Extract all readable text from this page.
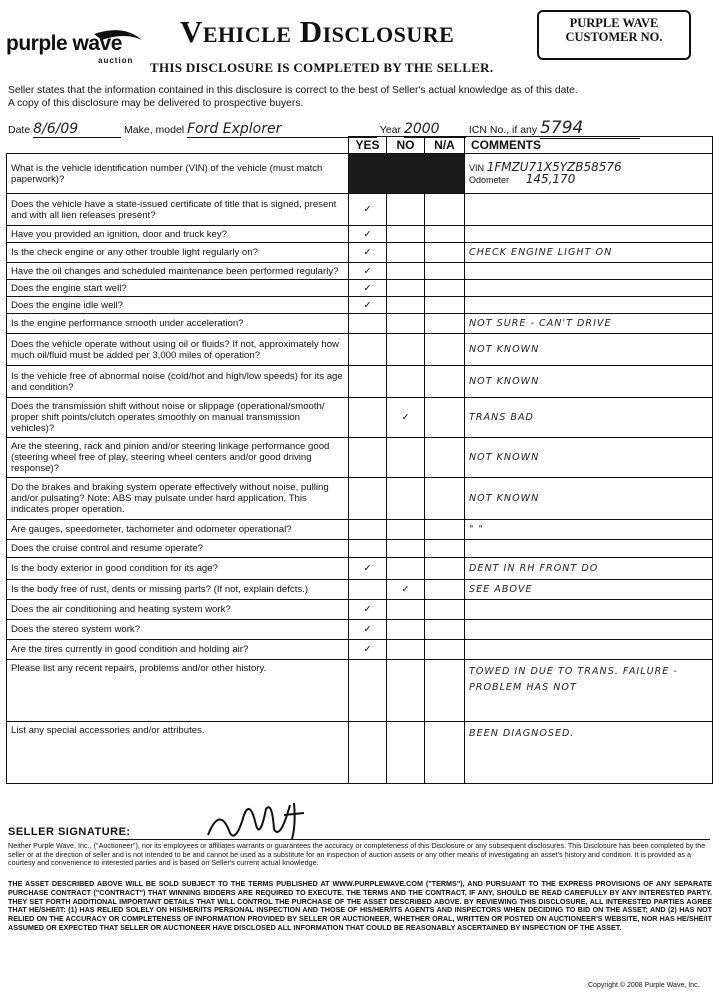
purple wave
auction
Vehicle Disclosure
THIS DISCLOSURE IS COMPLETED BY THE SELLER.
PURPLE WAVE CUSTOMER NO.
Seller states that the information contained in this disclosure is correct to the best of Seller's actual knowledge as of this date.
A copy of this disclosure may be delivered to prospective buyers.
Date 8/6/09	Make, model Ford Explorer	Year 2000	ICN No., if any 5794
	YES	NO	N/A	COMMENTS
What is the vehicle identification number (VIN) of the vehicle (must match paperwork)?				VIN 1FMZU71X5YZB58576
Odometer 145,170

Does the vehicle have a state-issued certificate of title that is signed, present and with all lien releases present?	✓			
Have you provided an ignition, door and truck key?	✓			
Is the check engine or any other trouble light regularly on?	✓			CHECK ENGINE LIGHT ON
Have the oil changes and scheduled maintenance been performed regularly?	✓			
Does the engine start well?	✓			
Does the engine idle well?	✓			
Is the engine performance smooth under acceleration?				NOT SURE - CAN'T DRIVE
Does the vehicle operate without using oil or fluids? If not, approximately how much oil/fluid must be added per 3,000 miles of operation?				NOT KNOWN
Is the vehicle free of abnormal noise (cold/hot and high/low speeds) for its age and condition?				NOT KNOWN
Does the transmission shift without noise or slippage (operational/smooth/ proper shift points/clutch operates smoothly on manual transmission vehicles)?		✓		TRANS BAD
Are the steering, rack and pinion and/or steering linkage performance good (steering wheel free of play, steering wheel centers and/or good driving response)?				NOT KNOWN
Do the brakes and braking system operate effectively without noise, pulling and/or pulsating? Note: ABS may pulsate under hard application. This indicates proper operation.				NOT KNOWN
Are gauges, speedometer, tachometer and odometer operational?				" "
Does the cruise control and resume operate?				
Is the body exterior in good condition for its age?	✓			DENT IN RH FRONT DO
Is the body free of rust, dents or missing parts? (If not, explain defcts.)		✓		SEE ABOVE
Does the air conditioning and heating system work?	✓			
Does the stereo system work?	✓			
Are the tires currently in good condition and holding air?	✓			
Please list any recent repairs, problems and/or other history.				TOWED IN DUE TO TRANS. FAILURE - PROBLEM HAS NOT
List any special accessories and/or attributes.				BEEN DIAGNOSED.
SELLER SIGNATURE:
Neither Purple Wave, Inc., ("Auctioneer"), nor its employees or affiliates warrants or guarantees the accuracy or completeness of this Disclosure or any subsequent disclosures. This Disclosure has been completed by the seller or at the direction of seller and is not intended to be and cannot be used as a substitute for an inspection of auction assets or any other means of investigating an asset's history and condition. It is provided as a courtesy and convenience to interested parties and is based on Seller's current actual knowledge.
THE ASSET DESCRIBED ABOVE WILL BE SOLD SUBJECT TO THE TERMS PUBLISHED AT WWW.PURPLEWAVE.COM ("TERMS"), AND PURSUANT TO THE EXPRESS PROVISIONS OF ANY SEPARATE PURCHASE CONTRACT ("CONTRACT") THAT WINNING BIDDERS ARE REQUIRED TO EXECUTE. THE TERMS AND THE CONTRACT, IF ANY, SHOULD BE READ CAREFULLY BY ANY INTERESTED PARTY. THEY SET FORTH ADDITIONAL IMPORTANT DETAILS THAT WILL CONTROL THE PURCHASE OF THE ASSET DESCRIBED ABOVE. BY REVIEWING THIS DISCLOSURE, ALL INTERESTED PARTIES AGREE THAT HE/SHE/IT: (1) HAS RELIED SOLELY ON HIS/HER/ITS PERSONAL INSPECTION AND THOSE OF HIS/HER/ITS AGENTS AND INSPECTORS WHEN DECIDING TO BID ON THE ASSET; AND (2) HAS NOT RELIED ON THE ACCURACY OR COMPLETENESS OF INFORMATION PROVIDED BY SELLER OR AUCTIONEER, WHETHER ORAL, WRITTEN OR POSTED ON AUCTIONEER'S WEBSITE, NOR HAS HE/SHE/IT ASSUMED OR EXPECTED THAT SELLER OR AUCTIONEER HAVE DISCLOSED ALL INFORMATION THAT COULD BE REASONABLY ASCERTAINED BY INSPECTION OF THE ASSET.
Copyright © 2008 Purple Wave, Inc.
